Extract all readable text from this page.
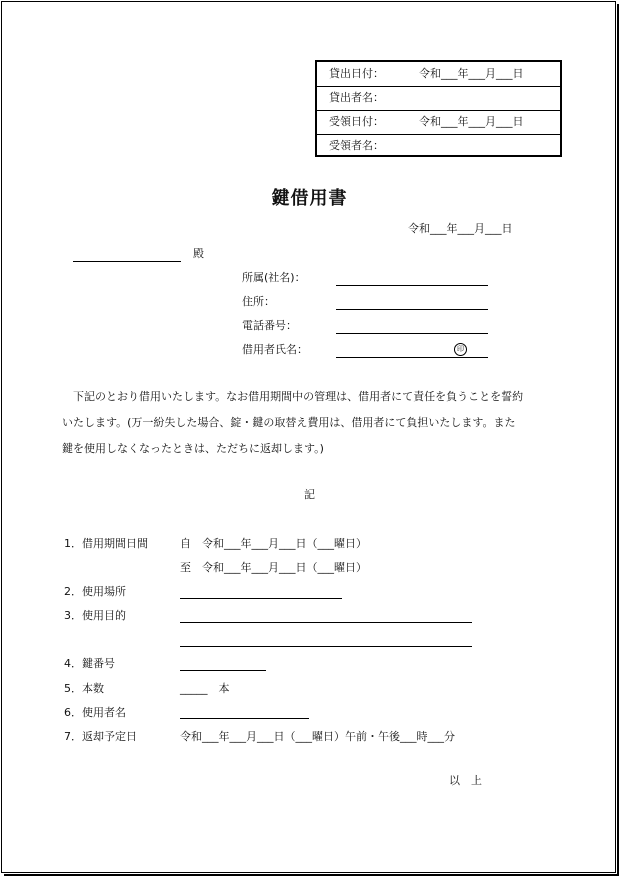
貸出日付：	令和___年___月___日
貸出者名：
受領日付：	令和___年___月___日
受領者名：
鍵借用書
令和___年___月___日
殿
所属(社名)：
住所：
電話番号：
借用者氏名：	印
下記のとおり借用いたします。なお借用期間中の管理は、借用者にて責任を負うことを誓約
いたします。(万一紛失した場合、錠・鍵の取替え費用は、借用者にて負担いたします。また
鍵を使用しなくなったときは、ただちに返却します。)
記
1．借用期間日間	自　令和___年___月___日（___曜日）
至　令和___年___月___日（___曜日）
2．使用場所
3．使用目的
4．鍵番号
5．本数	_____　本
6．使用者名
7．返却予定日	令和___年___月___日（___曜日）午前・午後___時___分
以　上
